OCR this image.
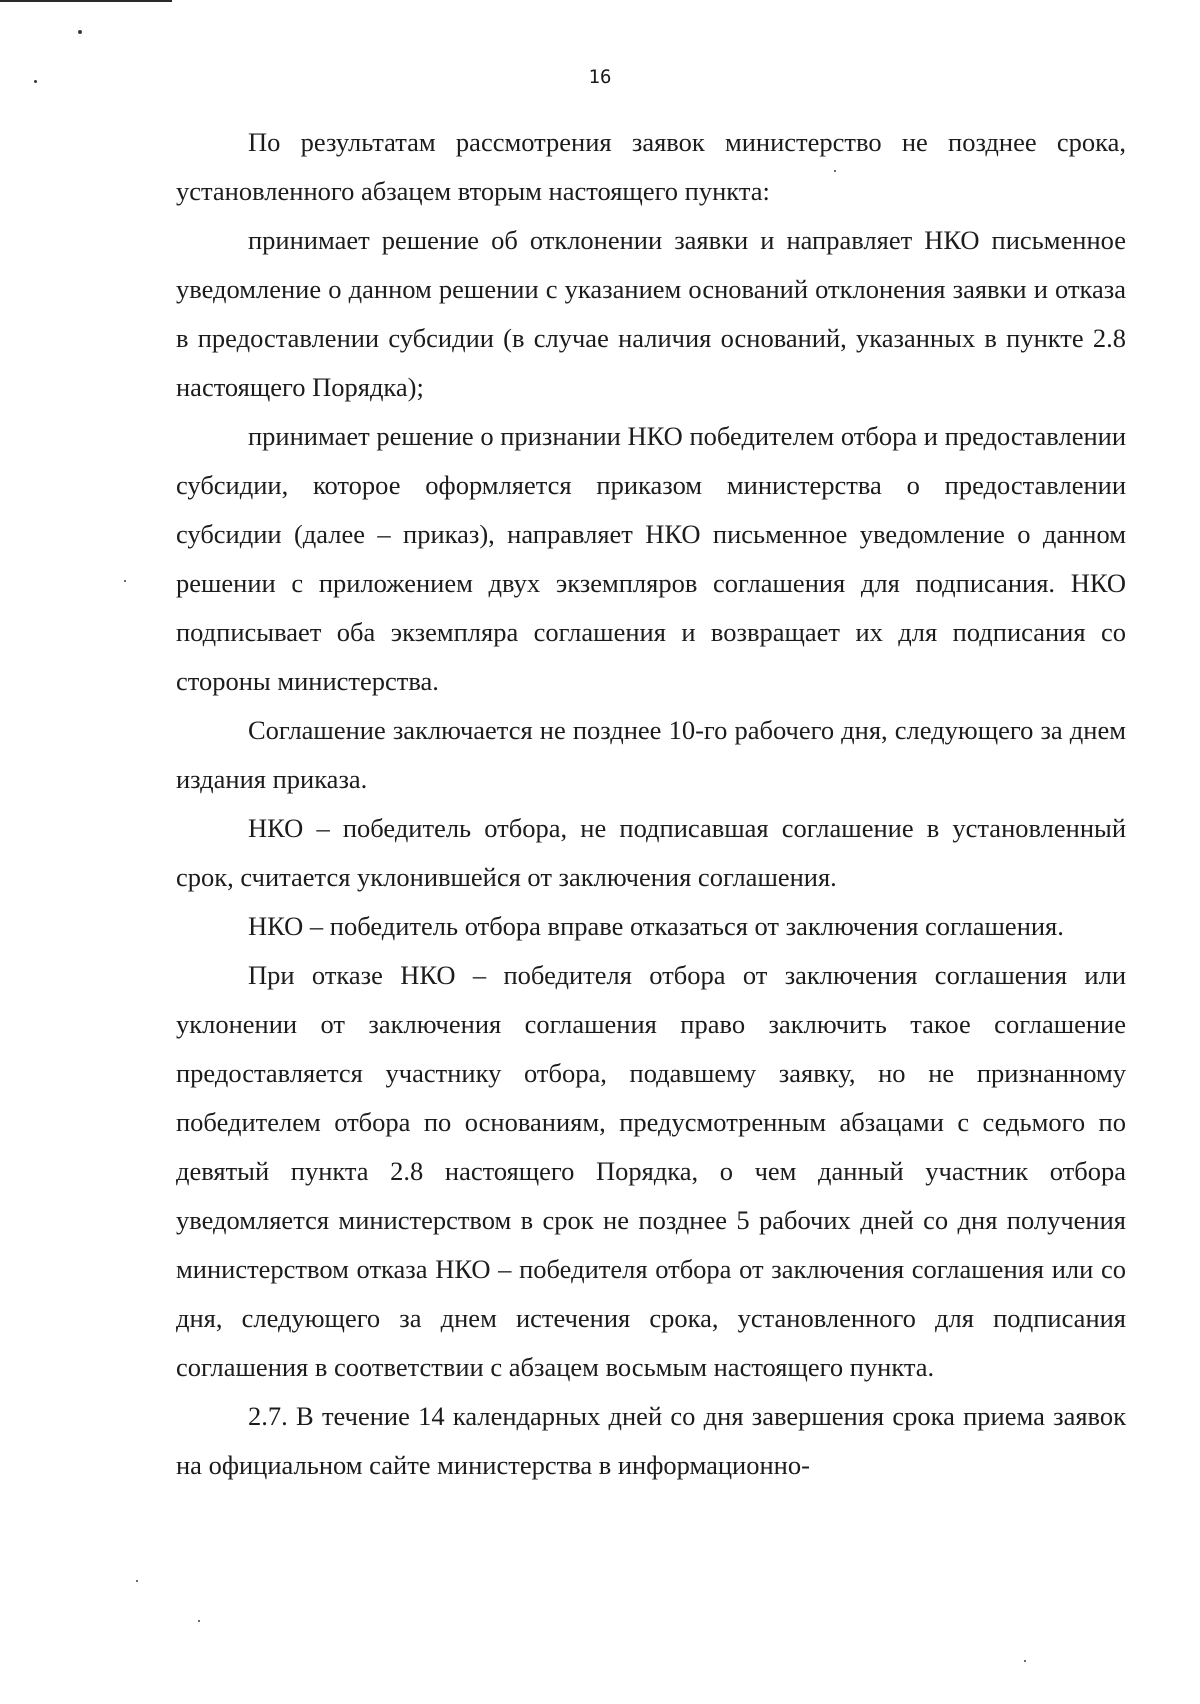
16

По результатам рассмотрения заявок министерство не позднее срока, установленного абзацем вторым настоящего пункта:

принимает решение об отклонении заявки и направляет НКО письменное уведомление о данном решении с указанием оснований отклонения заявки и отказа в предоставлении субсидии (в случае наличия оснований, указанных в пункте 2.8 настоящего Порядка);

принимает решение о признании НКО победителем отбора и предоставлении субсидии, которое оформляется приказом министерства о предоставлении субсидии (далее – приказ), направляет НКО письменное уведомление о данном решении с приложением двух экземпляров соглашения для подписания. НКО подписывает оба экземпляра соглашения и возвращает их для подписания со стороны министерства.

Соглашение заключается не позднее 10-го рабочего дня, следующего за днем издания приказа.

НКО – победитель отбора, не подписавшая соглашение в установленный срок, считается уклонившейся от заключения соглашения.

НКО – победитель отбора вправе отказаться от заключения соглашения.

При отказе НКО – победителя отбора от заключения соглашения или уклонении от заключения соглашения право заключить такое соглашение предоставляется участнику отбора, подавшему заявку, но не признанному победителем отбора по основаниям, предусмотренным абзацами с седьмого по девятый пункта 2.8 настоящего Порядка, о чем данный участник отбора уведомляется министерством в срок не позднее 5 рабочих дней со дня получения министерством отказа НКО – победителя отбора от заключения соглашения или со дня, следующего за днем истечения срока, установленного для подписания соглашения в соответствии с абзацем восьмым настоящего пункта.

2.7. В течение 14 календарных дней со дня завершения срока приема заявок на официальном сайте министерства в информационно-
